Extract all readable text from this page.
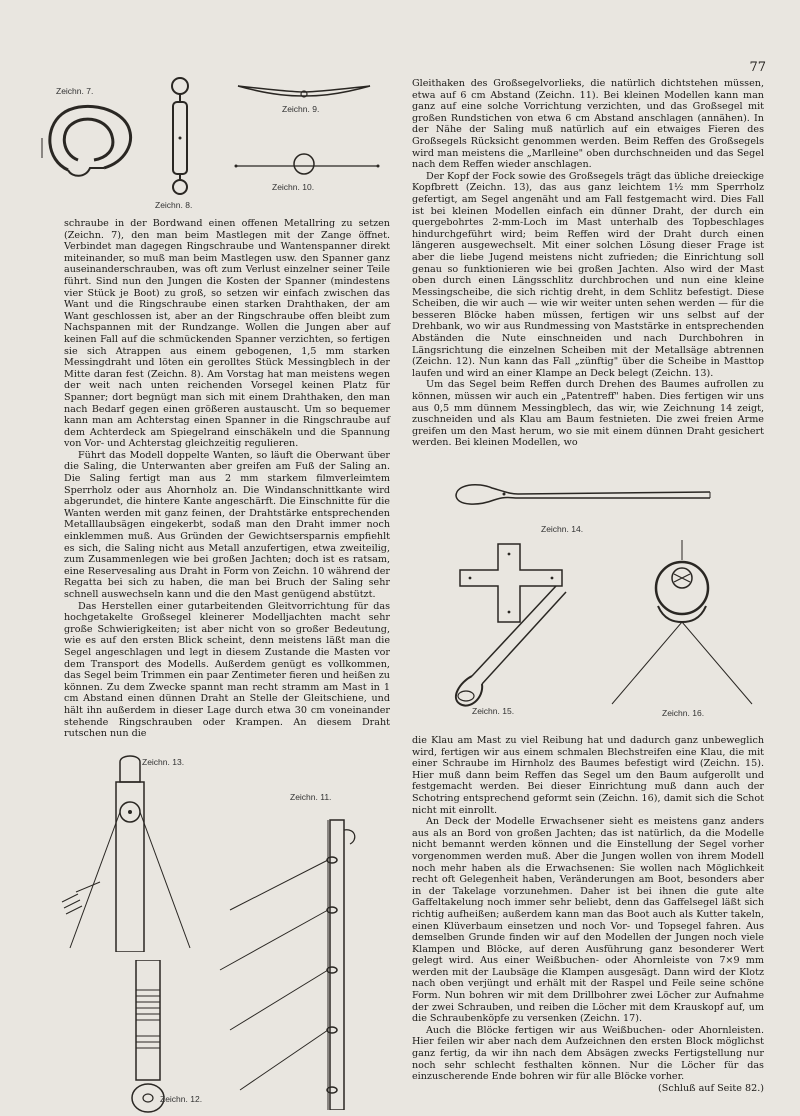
77
Zeichn. 7.
Zeichn. 8.
Zeichn. 9.
Zeichn. 10.

schraube in der Bordwand einen offenen Metallring zu setzen (Zeichn. 7), den man beim Mastlegen mit der Zange öffnet. Verbindet man dagegen Ringschraube und Wantenspanner direkt miteinander, so muß man beim Mastlegen usw. den Spanner ganz auseinanderschrauben, was oft zum Verlust einzelner seiner Teile führt. Sind nun den Jungen die Kosten der Spanner (mindestens vier Stück je Boot) zu groß, so setzen wir einfach zwischen das Want und die Ringschraube einen starken Drahthaken, der am Want geschlossen ist, aber an der Ringschraube offen bleibt zum Nachspannen mit der Rundzange. Wollen die Jungen aber auf keinen Fall auf die schmückenden Spanner verzichten, so fertigen sie sich Atrappen aus einem gebogenen, 1,5 mm starken Messingdraht und löten ein gerolltes Stück Messingblech in der Mitte daran fest (Zeichn. 8). Am Vorstag hat man meistens wegen der weit nach unten reichenden Vorsegel keinen Platz für Spanner; dort begnügt man sich mit einem Drahthaken, den man nach Bedarf gegen einen größeren austauscht. Um so bequemer kann man am Achterstag einen Spanner in die Ringschraube auf dem Achterdeck am Spiegelrand einschäkeln und die Spannung von Vor- und Achterstag gleichzeitig regulieren.

Führt das Modell doppelte Wanten, so läuft die Oberwant über die Saling, die Unterwanten aber greifen am Fuß der Saling an. Die Saling fertigt man aus 2 mm starkem filmverleimtem Sperrholz oder aus Ahornholz an. Die Windanschnittkante wird abgerundet, die hintere Kante angeschärft. Die Einschnitte für die Wanten werden mit ganz feinen, der Drahtstärke entsprechenden Metalllaubsägen eingekerbt, sodaß man den Draht immer noch einklemmen muß. Aus Gründen der Gewichtsersparnis empfiehlt es sich, die Saling nicht aus Metall anzufertigen, etwa zweiteilig, zum Zusammenlegen wie bei großen Jachten; doch ist es ratsam, eine Reservesaling aus Draht in Form von Zeichn. 10 während der Regatta bei sich zu haben, die man bei Bruch der Saling sehr schnell auswechseln kann und die den Mast genügend abstützt.

Das Herstellen einer gutarbeitenden Gleitvorrichtung für das hochgetakelte Großsegel kleinerer Modelljachten macht sehr große Schwierigkeiten; ist aber nicht von so großer Bedeutung, wie es auf den ersten Blick scheint, denn meistens läßt man die Segel angeschlagen und legt in diesem Zustande die Masten vor dem Transport des Modells. Außerdem genügt es vollkommen, das Segel beim Trimmen ein paar Zentimeter fieren und heißen zu können. Zu dem Zwecke spannt man recht stramm am Mast in 1 cm Abstand einen dünnen Draht an Stelle der Gleitschiene, und hält ihn außerdem in dieser Lage durch etwa 30 cm voneinander stehende Ringschrauben oder Krampen. An diesem Draht rutschen nun die

Gleithaken des Großsegelvorlieks, die natürlich dichtstehen müssen, etwa auf 6 cm Abstand (Zeichn. 11). Bei kleinen Modellen kann man ganz auf eine solche Vorrichtung verzichten, und das Großsegel mit großen Rundstichen von etwa 6 cm Abstand anschlagen (annähen). In der Nähe der Saling muß natürlich auf ein etwaiges Fieren des Großsegels Rücksicht genommen werden. Beim Reffen des Großsegels wird man meistens die „Marlleine" oben durchschneiden und das Segel nach dem Reffen wieder anschlagen.

Der Kopf der Fock sowie des Großsegels trägt das übliche dreieckige Kopfbrett (Zeichn. 13), das aus ganz leichtem 1½ mm Sperrholz gefertigt, am Segel angenäht und am Fall festgemacht wird. Dies Fall ist bei kleinen Modellen einfach ein dünner Draht, der durch ein quergebohrtes 2-mm-Loch im Mast unterhalb des Topbeschlages hindurchgeführt wird; beim Reffen wird der Draht durch einen längeren ausgewechselt. Mit einer solchen Lösung dieser Frage ist aber die liebe Jugend meistens nicht zufrieden; die Einrichtung soll genau so funktionieren wie bei großen Jachten. Also wird der Mast oben durch einen Längsschlitz durchbrochen und nun eine kleine Messingscheibe, die sich richtig dreht, in dem Schlitz befestigt. Diese Scheiben, die wir auch — wie wir weiter unten sehen werden — für die besseren Blöcke haben müssen, fertigen wir uns selbst auf der Drehbank, wo wir aus Rundmessing von Maststärke in entsprechenden Abständen die Nute einschneiden und nach Durchbohren in Längsrichtung die einzelnen Scheiben mit der Metallsäge abtrennen (Zeichn. 12). Nun kann das Fall „zünftig" über die Scheibe in Masttop laufen und wird an einer Klampe an Deck belegt (Zeichn. 13).

Um das Segel beim Reffen durch Drehen des Baumes aufrollen zu können, müssen wir auch ein „Patentreff" haben. Dies fertigen wir uns aus 0,5 mm dünnem Messingblech, das wir, wie Zeichnung 14 zeigt, zuschneiden und als Klau am Baum festnieten. Die zwei freien Arme greifen um den Mast herum, wo sie mit einem dünnen Draht gesichert werden. Bei kleinen Modellen, wo

Zeichn. 14.
Zeichn. 15.	Zeichn. 16.

die Klau am Mast zu viel Reibung hat und dadurch ganz unbeweglich wird, fertigen wir aus einem schmalen Blechstreifen eine Klau, die mit einer Schraube im Hirnholz des Baumes befestigt wird (Zeichn. 15). Hier muß dann beim Reffen das Segel um den Baum aufgerollt und festgemacht werden. Bei dieser Einrichtung muß dann auch der Schotring entsprechend geformt sein (Zeichn. 16), damit sich die Schot nicht mit einrollt.

An Deck der Modelle Erwachsener sieht es meistens ganz anders aus als an Bord von großen Jachten; das ist natürlich, da die Modelle nicht bemannt werden können und die Einstellung der Segel vorher vorgenommen werden muß. Aber die Jungen wollen von ihrem Modell noch mehr haben als die Erwachsenen: Sie wollen nach Möglichkeit recht oft Gelegenheit haben, Veränderungen am Boot, besonders aber in der Takelage vorzunehmen. Daher ist bei ihnen die gute alte Gaffeltakelung noch immer sehr beliebt, denn das Gaffelsegel läßt sich richtig aufheißen; außerdem kann man das Boot auch als Kutter takeln, einen Klüverbaum einsetzen und noch Vor- und Topsegel fahren. Aus demselben Grunde finden wir auf den Modellen der Jungen noch viele Klampen und Blöcke, auf deren Ausführung ganz besonderer Wert gelegt wird. Aus einer Weißbuchen- oder Ahornleiste von 7×9 mm werden mit der Laubsäge die Klampen ausgesägt. Dann wird der Klotz nach oben verjüngt und erhält mit der Raspel und Feile seine schöne Form. Nun bohren wir mit dem Drillbohrer zwei Löcher zur Aufnahme der zwei Schrauben, und reiben die Löcher mit dem Krauskopf auf, um die Schraubenköpfe zu versenken (Zeichn. 17).

Auch die Blöcke fertigen wir aus Weißbuchen- oder Ahornleisten. Hier feilen wir aber nach dem Aufzeichnen den ersten Block möglichst ganz fertig, da wir ihn nach dem Absägen zwecks Fertigstellung nur noch sehr schlecht festhalten können. Nur die Löcher für das einzuscherende Ende bohren wir für alle Blöcke vorher.

(Schluß auf Seite 82.)
Zeichn. 13.
Zeichn. 11.
Zeichn. 12.
